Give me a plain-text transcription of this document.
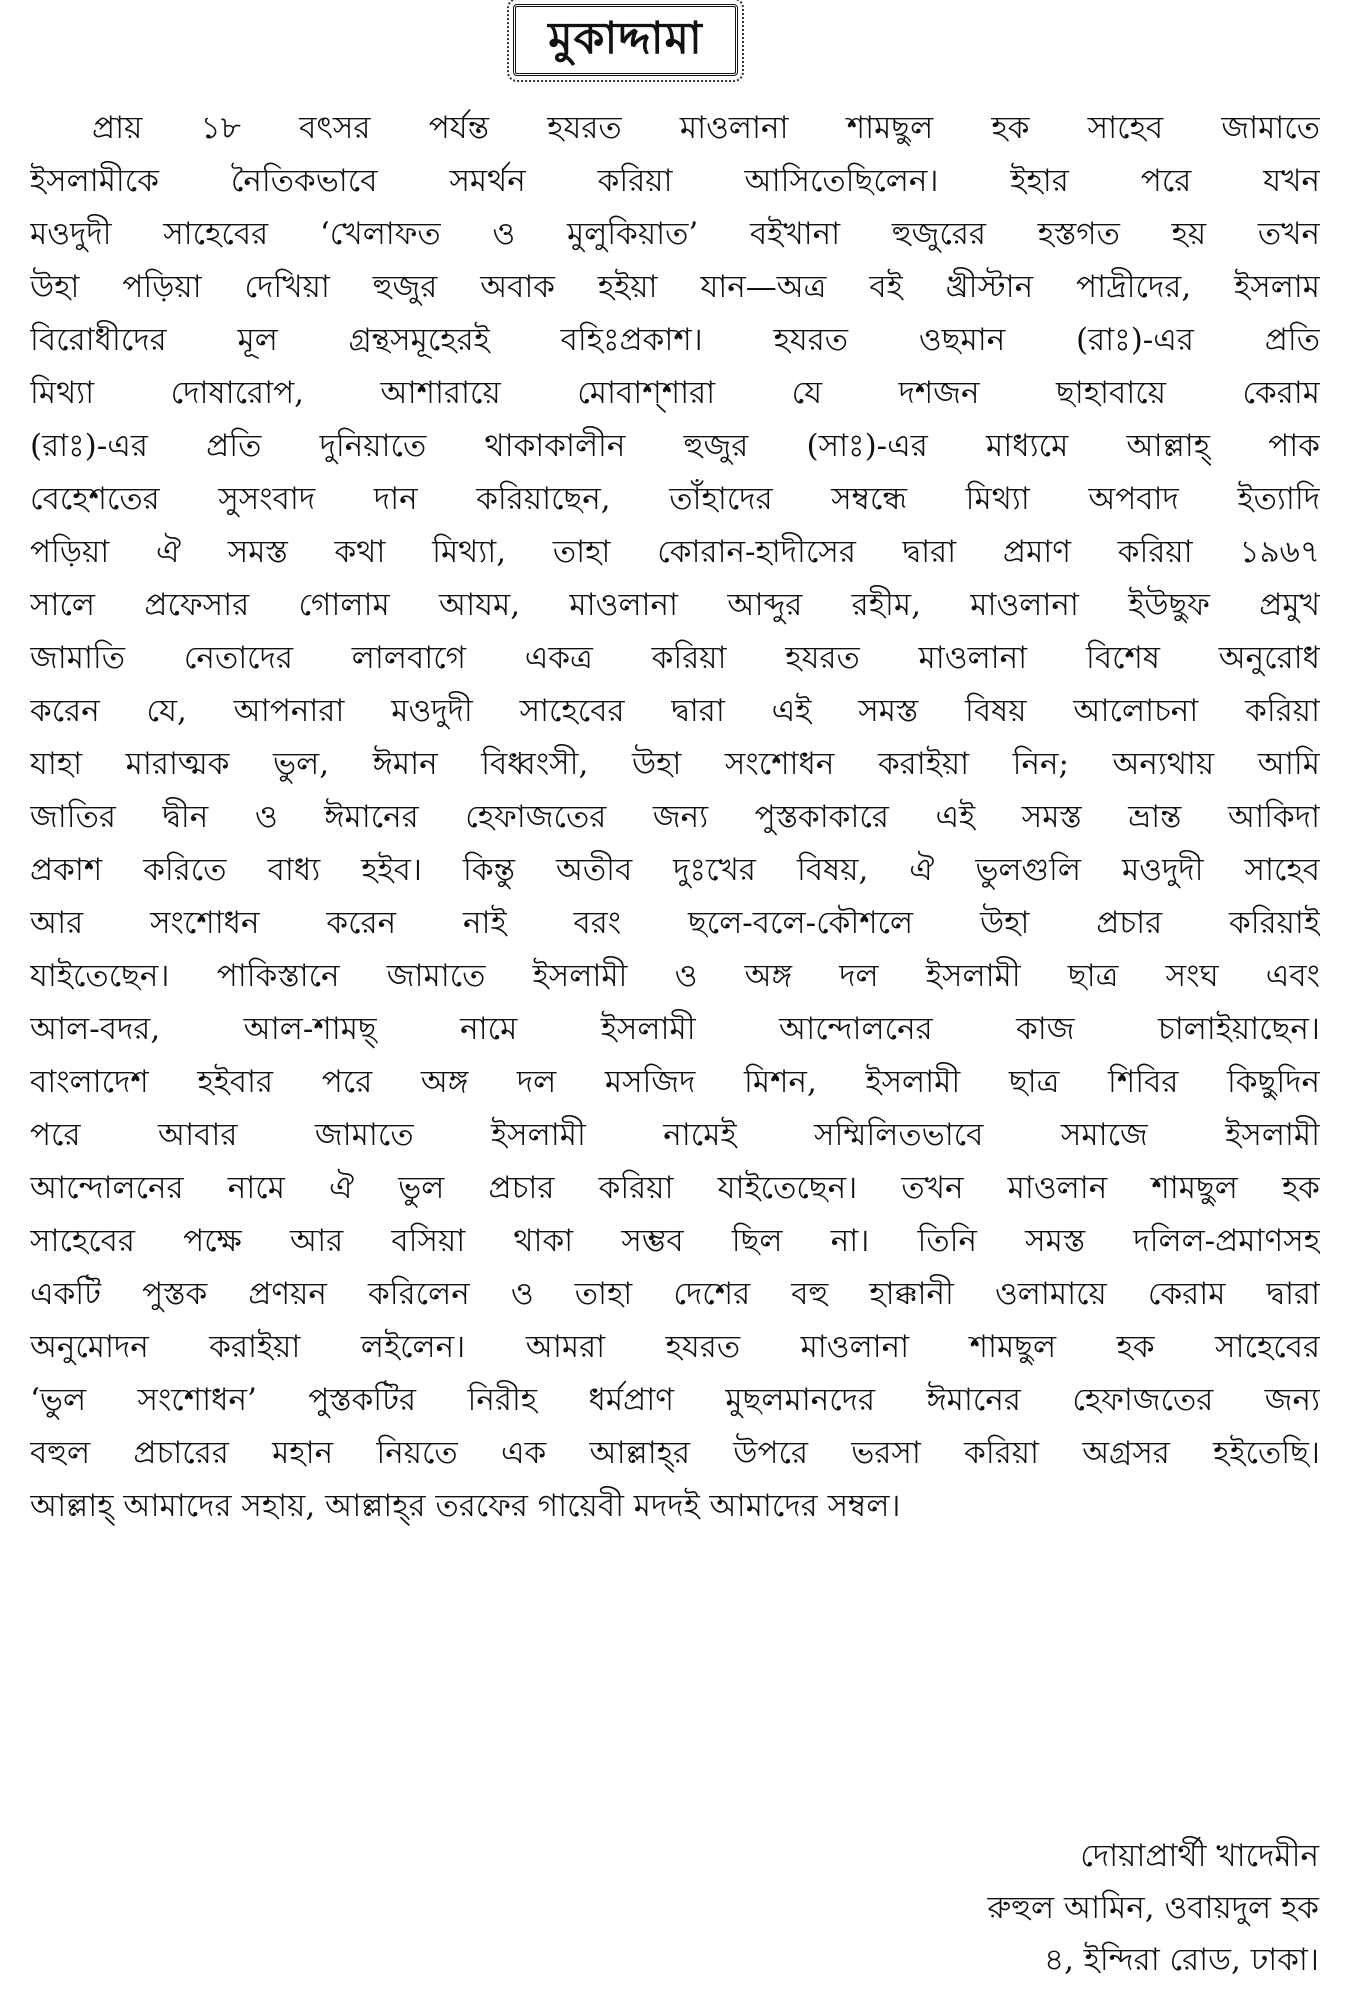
মুকাদ্দামা
প্রায় ১৮ বৎসর পর্যন্ত হযরত মাওলানা শামছুল হক সাহেব জামাতে
ইসলামীকে নৈতিকভাবে সমর্থন করিয়া আসিতেছিলেন। ইহার পরে যখন
মওদুদী সাহেবের ‘খেলাফত ও মুলুকিয়াত’ বইখানা হুজুরের হস্তগত হয় তখন
উহা পড়িয়া দেখিয়া হুজুর অবাক হইয়া যান—অত্র বই খ্রীস্টান পাদ্রীদের, ইসলাম
বিরোধীদের মূল গ্রন্থসমূহেরই বহিঃপ্রকাশ। হযরত ওছমান (রাঃ)-এর প্রতি
মিথ্যা দোষারোপ, আশারায়ে মোবাশ্শারা যে দশজন ছাহাবায়ে কেরাম
(রাঃ)-এর প্রতি দুনিয়াতে থাকাকালীন হুজুর (সাঃ)-এর মাধ্যমে আল্লাহ্ পাক
বেহেশতের সুসংবাদ দান করিয়াছেন, তাঁহাদের সম্বন্ধে মিথ্যা অপবাদ ইত্যাদি
পড়িয়া ঐ সমস্ত কথা মিথ্যা, তাহা কোরান-হাদীসের দ্বারা প্রমাণ করিয়া ১৯৬৭
সালে প্রফেসার গোলাম আযম, মাওলানা আব্দুর রহীম, মাওলানা ইউছুফ প্রমুখ
জামাতি নেতাদের লালবাগে একত্র করিয়া হযরত মাওলানা বিশেষ অনুরোধ
করেন যে, আপনারা মওদুদী সাহেবের দ্বারা এই সমস্ত বিষয় আলোচনা করিয়া
যাহা মারাত্মক ভুল, ঈমান বিধ্বংসী, উহা সংশোধন করাইয়া নিন; অন্যথায় আমি
জাতির দ্বীন ও ঈমানের হেফাজতের জন্য পুস্তকাকারে এই সমস্ত ভ্রান্ত আকিদা
প্রকাশ করিতে বাধ্য হইব। কিন্তু অতীব দুঃখের বিষয়, ঐ ভুলগুলি মওদুদী সাহেব
আর সংশোধন করেন নাই বরং ছলে-বলে-কৌশলে উহা প্রচার করিয়াই
যাইতেছেন। পাকিস্তানে জামাতে ইসলামী ও অঙ্গ দল ইসলামী ছাত্র সংঘ এবং
আল-বদর, আল-শামছ্ নামে ইসলামী আন্দোলনের কাজ চালাইয়াছেন।
বাংলাদেশ হইবার পরে অঙ্গ দল মসজিদ মিশন, ইসলামী ছাত্র শিবির কিছুদিন
পরে আবার জামাতে ইসলামী নামেই সম্মিলিতভাবে সমাজে ইসলামী
আন্দোলনের নামে ঐ ভুল প্রচার করিয়া যাইতেছেন। তখন মাওলান শামছুল হক
সাহেবের পক্ষে আর বসিয়া থাকা সম্ভব ছিল না। তিনি সমস্ত দলিল-প্রমাণসহ
একটি পুস্তক প্রণয়ন করিলেন ও তাহা দেশের বহু হাক্কানী ওলামায়ে কেরাম দ্বারা
অনুমোদন করাইয়া লইলেন। আমরা হযরত মাওলানা শামছুল হক সাহেবের
‘ভুল সংশোধন’ পুস্তকটির নিরীহ ধর্মপ্রাণ মুছলমানদের ঈমানের হেফাজতের জন্য
বহুল প্রচারের মহান নিয়তে এক আল্লাহ্‌র উপরে ভরসা করিয়া অগ্রসর হইতেছি।
আল্লাহ্ আমাদের সহায়, আল্লাহ্‌র তরফের গায়েবী মদদই আমাদের সম্বল।
দোয়াপ্রার্থী খাদেমীন
রুহুল আমিন, ওবায়দুল হক
৪, ইন্দিরা রোড, ঢাকা।
